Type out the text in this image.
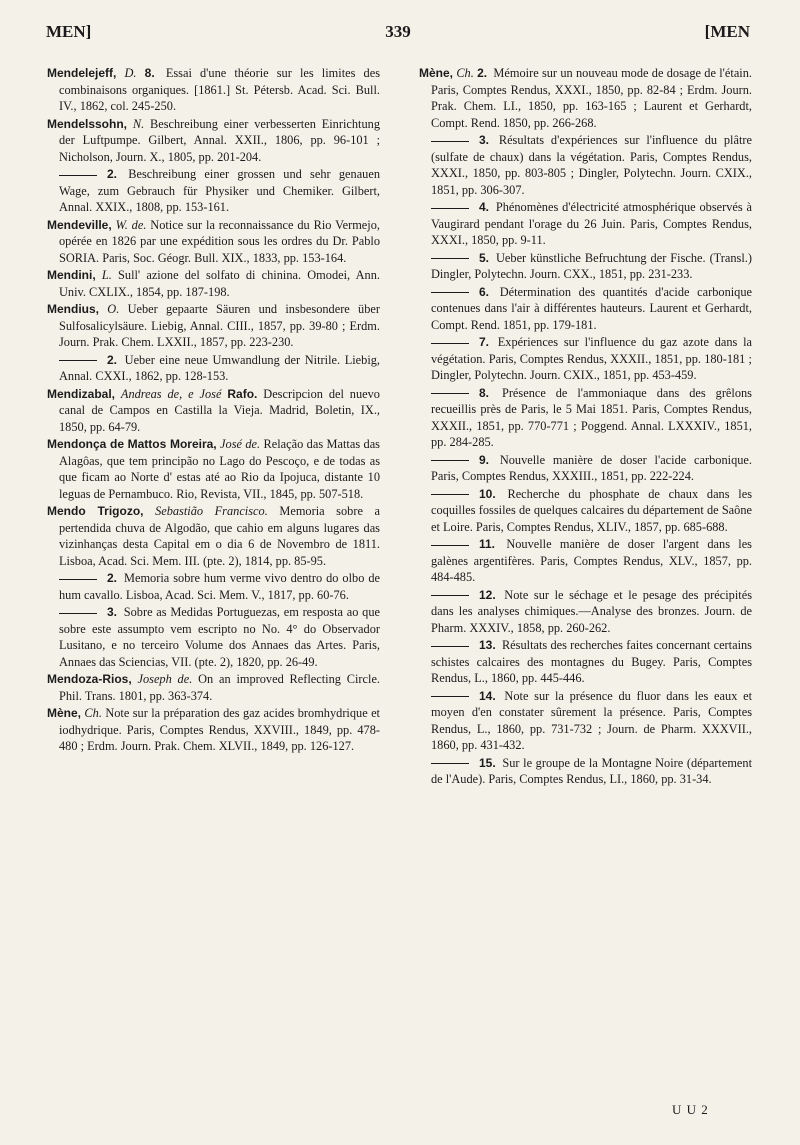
MEN]	339	[MEN

Mendelejeff, D. 8. Essai d'une théorie sur les limites des combinaisons organiques. [1861.] St. Pétersb. Acad. Sci. Bull. IV., 1862, col. 245-250.

Mendelssohn, N. Beschreibung einer verbesserten Einrichtung der Luftpumpe. Gilbert, Annal. XXII., 1806, pp. 96-101 ; Nicholson, Journ. X., 1805, pp. 201-204.

2. Beschreibung einer grossen und sehr genauen Wage, zum Gebrauch für Physiker und Chemiker. Gilbert, Annal. XXIX., 1808, pp. 153-161.

Mendeville, W. de. Notice sur la reconnaissance du Rio Vermejo, opérée en 1826 par une expédition sous les ordres du Dr. Pablo SORIA. Paris, Soc. Géogr. Bull. XIX., 1833, pp. 153-164.

Mendini, L. Sull' azione del solfato di chinina. Omodei, Ann. Univ. CXLIX., 1854, pp. 187-198.

Mendius, O. Ueber gepaarte Säuren und insbesondere über Sulfosalicylsäure. Liebig, Annal. CIII., 1857, pp. 39-80 ; Erdm. Journ. Prak. Chem. LXXII., 1857, pp. 223-230.

2. Ueber eine neue Umwandlung der Nitrile. Liebig, Annal. CXXI., 1862, pp. 128-153.

Mendizabal, Andreas de, e José Rafo. Descripcion del nuevo canal de Campos en Castilla la Vieja. Madrid, Boletin, IX., 1850, pp. 64-79.

Mendonça de Mattos Moreira, José de. Relação das Mattas das Alagôas, que tem principão no Lago do Pescoço, e de todas as que ficam ao Norte d' estas até ao Rio da Ipojuca, distante 10 leguas de Pernambuco. Rio, Revista, VII., 1845, pp. 507-518.

Mendo Trigozo, Sebastião Francisco. Memoria sobre a pertendida chuva de Algodão, que cahio em alguns lugares das vizinhanças desta Capital em o dia 6 de Novembro de 1811. Lisboa, Acad. Sci. Mem. III. (pte. 2), 1814, pp. 85-95.

2. Memoria sobre hum verme vivo dentro do olbo de hum cavallo. Lisboa, Acad. Sci. Mem. V., 1817, pp. 60-76.

3. Sobre as Medidas Portuguezas, em resposta ao que sobre este assumpto vem escripto no No. 4° do Observador Lusitano, e no terceiro Volume dos Annaes das Artes. Paris, Annaes das Sciencias, VII. (pte. 2), 1820, pp. 26-49.

Mendoza-Rios, Joseph de. On an improved Reflecting Circle. Phil. Trans. 1801, pp. 363-374.

Mène, Ch. Note sur la préparation des gaz acides bromhydrique et iodhydrique. Paris, Comptes Rendus, XXVIII., 1849, pp. 478-480 ; Erdm. Journ. Prak. Chem. XLVII., 1849, pp. 126-127.

Mène, Ch. 2. Mémoire sur un nouveau mode de dosage de l'étain. Paris, Comptes Rendus, XXXI., 1850, pp. 82-84 ; Erdm. Journ. Prak. Chem. LI., 1850, pp. 163-165 ; Laurent et Gerhardt, Compt. Rend. 1850, pp. 266-268.

3. Résultats d'expériences sur l'influence du plâtre (sulfate de chaux) dans la végétation. Paris, Comptes Rendus, XXXI., 1850, pp. 803-805 ; Dingler, Polytechn. Journ. CXIX., 1851, pp. 306-307.

4. Phénomènes d'électricité atmosphérique observés à Vaugirard pendant l'orage du 26 Juin. Paris, Comptes Rendus, XXXI., 1850, pp. 9-11.

5. Ueber künstliche Befruchtung der Fische. (Transl.) Dingler, Polytechn. Journ. CXX., 1851, pp. 231-233.

6. Détermination des quantités d'acide carbonique contenues dans l'air à différentes hauteurs. Laurent et Gerhardt, Compt. Rend. 1851, pp. 179-181.

7. Expériences sur l'influence du gaz azote dans la végétation. Paris, Comptes Rendus, XXXII., 1851, pp. 180-181 ; Dingler, Polytechn. Journ. CXIX., 1851, pp. 453-459.

8. Présence de l'ammoniaque dans des grêlons recueillis près de Paris, le 5 Mai 1851. Paris, Comptes Rendus, XXXII., 1851, pp. 770-771 ; Poggend. Annal. LXXXIV., 1851, pp. 284-285.

9. Nouvelle manière de doser l'acide carbonique. Paris, Comptes Rendus, XXXIII., 1851, pp. 222-224.

10. Recherche du phosphate de chaux dans les coquilles fossiles de quelques calcaires du département de Saône et Loire. Paris, Comptes Rendus, XLIV., 1857, pp. 685-688.

11. Nouvelle manière de doser l'argent dans les galènes argentifères. Paris, Comptes Rendus, XLV., 1857, pp. 484-485.

12. Note sur le séchage et le pesage des précipités dans les analyses chimiques.—Analyse des bronzes. Journ. de Pharm. XXXIV., 1858, pp. 260-262.

13. Résultats des recherches faites concernant certains schistes calcaires des montagnes du Bugey. Paris, Comptes Rendus, L., 1860, pp. 445-446.

14. Note sur la présence du fluor dans les eaux et moyen d'en constater sûrement la présence. Paris, Comptes Rendus, L., 1860, pp. 731-732 ; Journ. de Pharm. XXXVII., 1860, pp. 431-432.

15. Sur le groupe de la Montagne Noire (département de l'Aude). Paris, Comptes Rendus, LI., 1860, pp. 31-34.

U U 2
